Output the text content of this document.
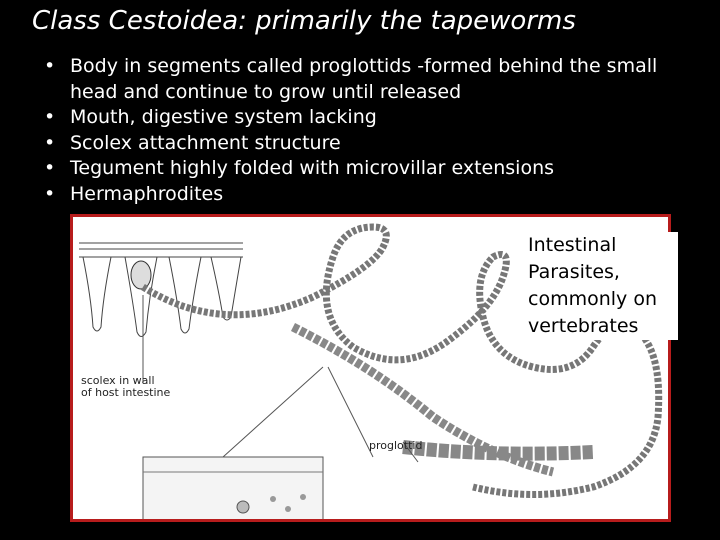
Class Cestoidea: primarily the tapeworms
• Body in segments called proglottids -formed behind the small head and continue to grow until released
• Mouth, digestive system lacking
• Scolex attachment structure
• Tegument highly folded with microvillar extensions
• Hermaphrodites
scolex in wall
of host intestine
proglottid
Intestinal
Parasites,
commonly on
vertebrates
